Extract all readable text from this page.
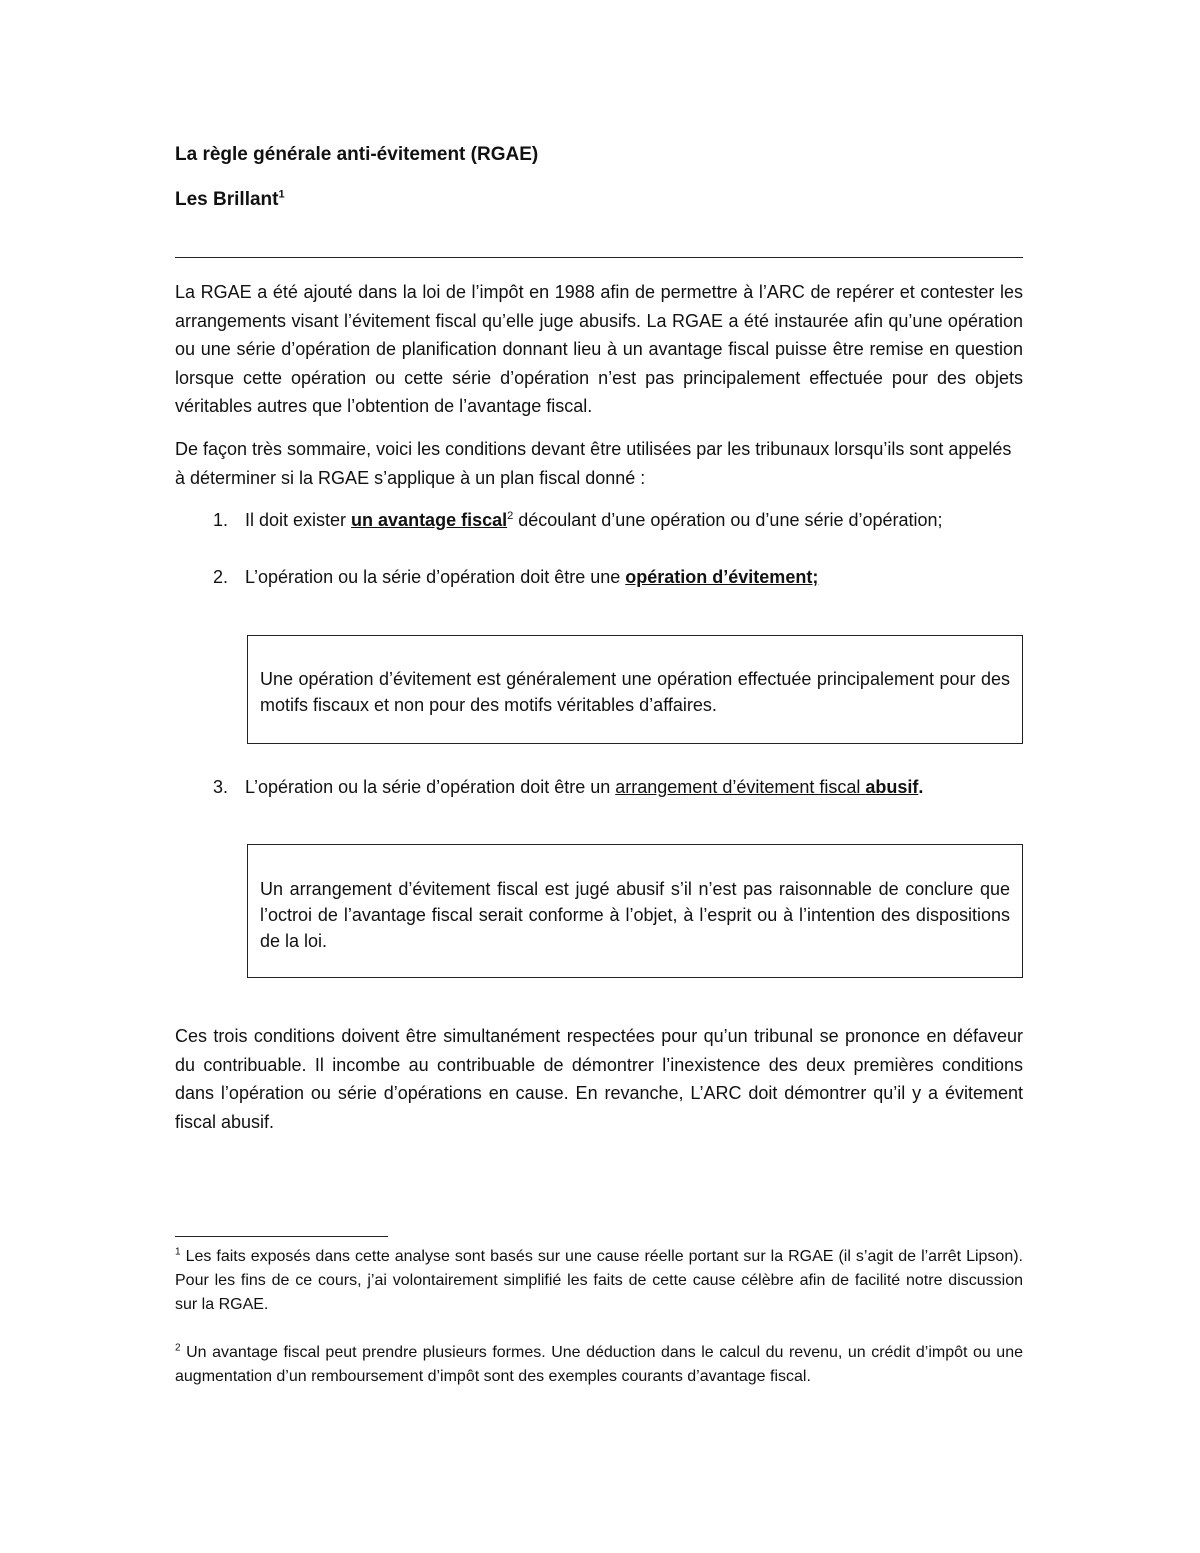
La règle générale anti-évitement (RGAE)
Les Brillant$^1$
La RGAE a été ajouté dans la loi de l’impôt en 1988 afin de permettre à l’ARC de repérer et contester les arrangements visant l’évitement fiscal qu’elle juge abusifs. La RGAE a été instaurée afin qu’une opération ou une série d’opération de planification donnant lieu à un avantage fiscal puisse être remise en question lorsque cette opération ou cette série d’opération n’est pas principalement effectuée pour des objets véritables autres que l’obtention de l’avantage fiscal.
De façon très sommaire, voici les conditions devant être utilisées par les tribunaux lorsqu’ils sont appelés à déterminer si la RGAE s’applique à un plan fiscal donné :
1. Il doit exister un avantage fiscal$^2$ découlant d’une opération ou d’une série d’opération;
2. L’opération ou la série d’opération doit être une opération d’évitement;
Une opération d’évitement est généralement une opération effectuée principalement pour des motifs fiscaux et non pour des motifs véritables d’affaires.
3. L’opération ou la série d’opération doit être un arrangement d’évitement fiscal abusif.
Un arrangement d’évitement fiscal est jugé abusif s’il n’est pas raisonnable de conclure que l’octroi de l’avantage fiscal serait conforme à l’objet, à l’esprit ou à l’intention des dispositions de la loi.
Ces trois conditions doivent être simultanément respectées pour qu’un tribunal se prononce en défaveur du contribuable. Il incombe au contribuable de démontrer l’inexistence des deux premières conditions dans l’opération ou série d’opérations en cause. En revanche, L’ARC doit démontrer qu’il y a évitement fiscal abusif.
$^1$ Les faits exposés dans cette analyse sont basés sur une cause réelle portant sur la RGAE (il s’agit de l’arrêt Lipson). Pour les fins de ce cours, j’ai volontairement simplifié les faits de cette cause célèbre afin de facilité notre discussion sur la RGAE.
$^2$ Un avantage fiscal peut prendre plusieurs formes. Une déduction dans le calcul du revenu, un crédit d’impôt ou une augmentation d’un remboursement d’impôt sont des exemples courants d’avantage fiscal.
